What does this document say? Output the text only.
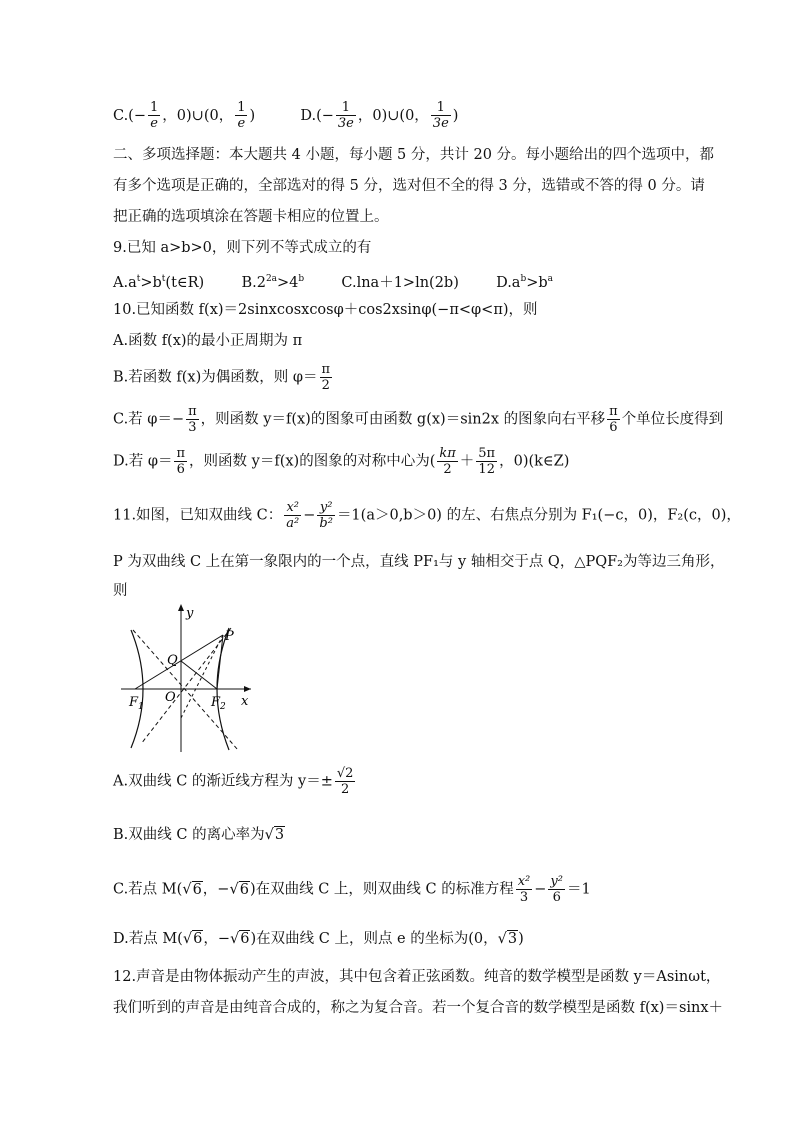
$C.(- \frac{1}{e}$ ，0)∪(0， $\frac{1}{e}$ )	$D.(- \frac{1}{3e}$ ，0)∪(0， $\frac{1}{3e}$ )
二、多项选择题：本大题共 4 小题，每小题 5 分，共计 20 分。每小题给出的四个选项中，都
有多个选项是正确的，全部选对的得 5 分，选对但不全的得 3 分，选错或不答的得 0 分。请
把正确的选项填涂在答题卡相应的位置上。
9.已知 a>b>0，则下列不等式成立的有
$A.a^t>b^t(t\in R)$	$B.2^{2a}>4^b$	C.lna＋1>ln(2b)	$D.a^b>b^a$
10.已知函数 f(x)＝2sinxcosxcosφ＋cos2xsinφ(−π<φ<π)，则
A.函数 f(x)的最小正周期为 π
B.若函数 f(x)为偶函数，则 $\varphi= \frac{\pi}{2}$
C.若 $\varphi=- \frac{\pi}{3}$ ，则函数 y＝f(x)的图象可由函数 g(x)＝sin2x 的图象向右平移 $\frac{\pi}{6}$ 个单位长度得到
D.若 $\varphi= \frac{\pi}{6}$ ，则函数 y＝f(x)的图象的对称中心为( $\frac{k\pi}{2} + \frac{5\pi}{12}$ ，0)(k∈Z)
11.如图，已知双曲线 C： $\frac{\text{x²}}{\text{a²}} - \frac{\text{y²}}{\text{b²}} =1(a>0,b>0)$ 的左、右焦点分别为 F₁(−c，0)，F₂(c，0)，
P 为双曲线 C 上在第一象限内的一个点，直线 PF₁与 y 轴相交于点 Q，△PQF₂为等边三角形，
则
y
x
P
Q
O
$F_1$	$F_2$
A.双曲线 C 的渐近线方程为 $y=\pm \frac{√2}{2}$
B.双曲线 C 的离心率为√3
C.若点 M(√6，−√6)在双曲线 C 上，则双曲线 C 的标准方程 $\frac{\text{x²}}{3} - \frac{\text{y²}}{6} =1$
D.若点 M(√6，−√6)在双曲线 C 上，则点 e 的坐标为(0，√3)
12.声音是由物体振动产生的声波，其中包含着正弦函数。纯音的数学模型是函数 y＝Asinωt，
我们听到的声音是由纯音合成的，称之为复合音。若一个复合音的数学模型是函数 f(x)＝sinx＋
